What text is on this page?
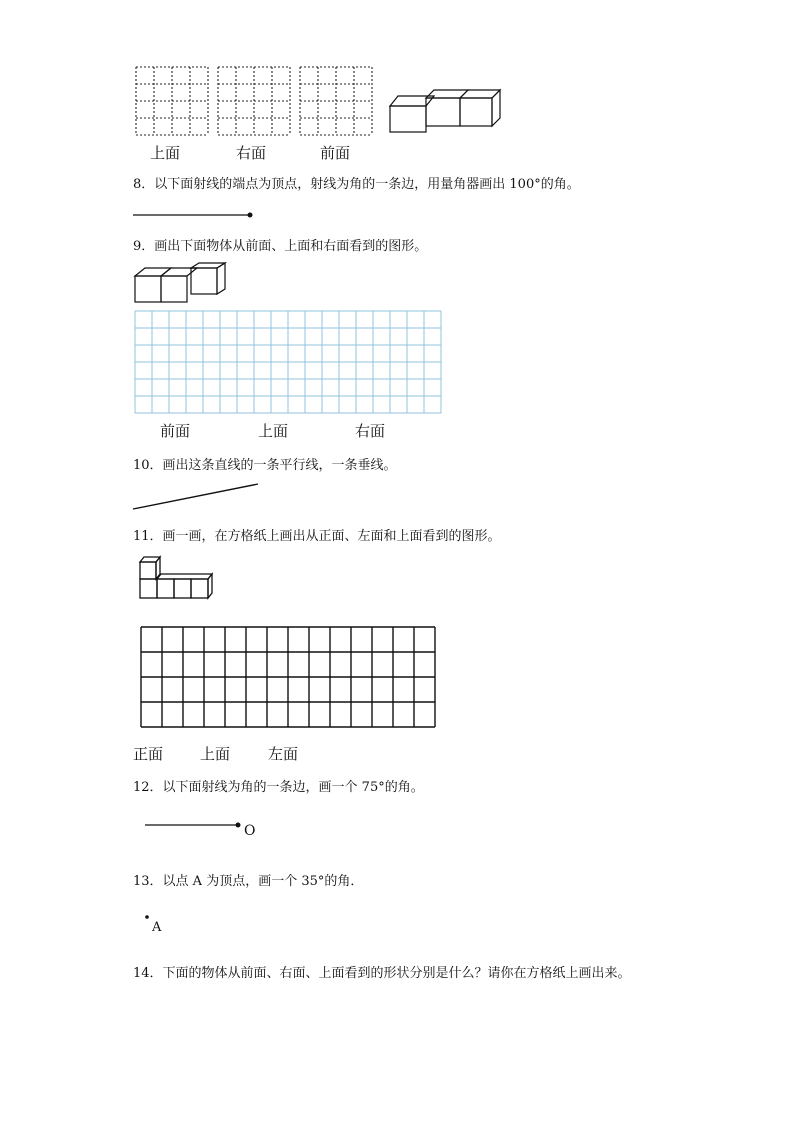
上面	右面	前面
8．以下面射线的端点为顶点，射线为角的一条边，用量角器画出 100°的角。
9．画出下面物体从前面、上面和右面看到的图形。
前面	上面	右面
10．画出这条直线的一条平行线，一条垂线。
11．画一画，在方格纸上画出从正面、左面和上面看到的图形。
正面 上面	左面
12．以下面射线为角的一条边，画一个 75°的角。
O
13．以点 A 为顶点，画一个 35°的角．
A
14．下面的物体从前面、右面、上面看到的形状分别是什么？请你在方格纸上画出来。
